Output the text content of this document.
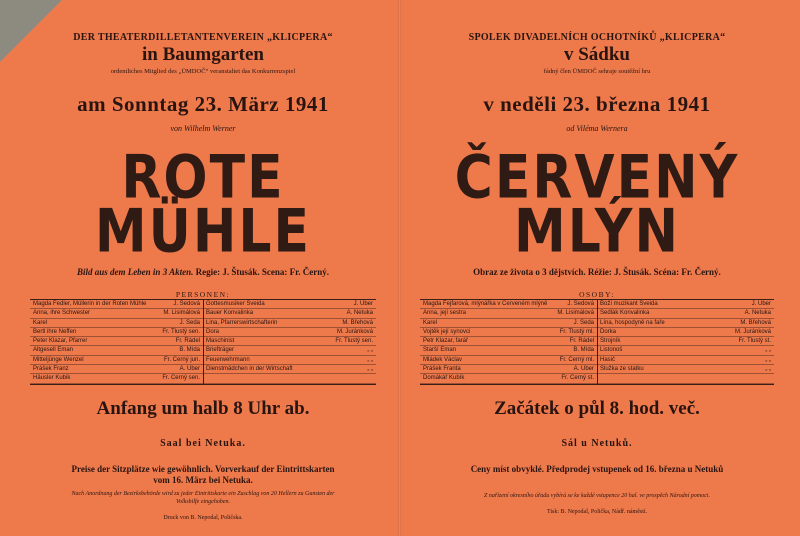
DER THEATERDILLETANTENVEREIN „KLICPERA“
in Baumgarten
ordentliches Mitglied des „ÜMDOČ“ veranstaltet das Konkurrenzspiel
am Sonntag 23. März 1941
von Wilhelm Werner
ROTE
MÜHLE
Bild aus dem Leben in 3 Akten. Regie: J. Štusák. Scena: Fr. Černý.
PERSONEN:
Magda Fedler, Müllerin in der Roten Mühle	J. Šedová
Anna, ihre Schwester	M. Lisimálová
Karel	J. Seda
Bertl ihre Neffen	Fr. Tlustý sen.
Peter Klazar, Pfarrer	Fr. Rádel
Altgesell Eman	B. Mída
Mitteljünge Wenzel	Fr. Černý jun.
Prášek Franz	A. Uber
Häusler Kubik	Fr. Černý sen.
Gottesmusiker Šveida	J. Uber
Bauer Konvalinka	A. Netuka
Lina, Pfarrerswirtschafterin	M. Břehová
Dora	M. Juránková
Maschinist	Fr. Tlustý sen.
Briefträger	„ „
Feuerwehrmann	„ „
Dienstmädchen in der Wirtschaft	„ „
Anfang um halb 8 Uhr ab.
Saal bei Netuka.
Preise der Sitzplätze wie gewöhnlich. Vorverkauf der Eintrittskarten
vom 16. März bei Netuka.
Nach Anordnung der Bezirksbehörde wird zu jeder Eintrittskarte ein Zuschlag von 20 Hellern zu Gunsten der
Volkshilfe eingehoben.
Druck von B. Nepodal, Poličska.
SPOLEK DIVADELNÍCH OCHOTNÍKŮ „KLICPERA“
v Sádku
řádný člen ÜMDOČ sehraje soutěžní hru
v neděli 23. března 1941
od Viléma Wernera
ČERVENÝ
MLÝN
Obraz ze života o 3 dějstvích. Réžie: J. Štusák. Scéna: Fr. Černý.
OSOBY:
Magda Fejfarová, mlýnářka v Červeném mlýně	J. Šedová
Anna, její sestra	M. Lisimálová
Karel	J. Šeda
Vojtěk její synovci	Fr. Tlustý ml.
Petr Klazar, farář	Fr. Rádel
Starší Eman	B. Mída
Mládek Václav	Fr. Černý ml.
Prášek Franta	A. Uber
Domákář Kubík	Fr. Černý st.
Boží muzikant Šveida	J. Uber
Sedlák Konvalinka	A. Netuka
Lína, hospodyně na faře	M. Břehová
Dorka	M. Juránková
Strojník	Fr. Tlustý st.
Listonoš	„ „
Hasič	„ „
Služka ze statku	„ „
Začátek o půl 8. hod. več.
Sál u Netuků.
Ceny míst obvyklé. Předprodej vstupenek od 16. března u Netuků
Z nařízení okresního úřadu vybírá se ke každé vstupence 20 hal. ve prospěch Národní pomoci.
Tisk: B. Nepodal, Polička, Nádř. náměstí.
